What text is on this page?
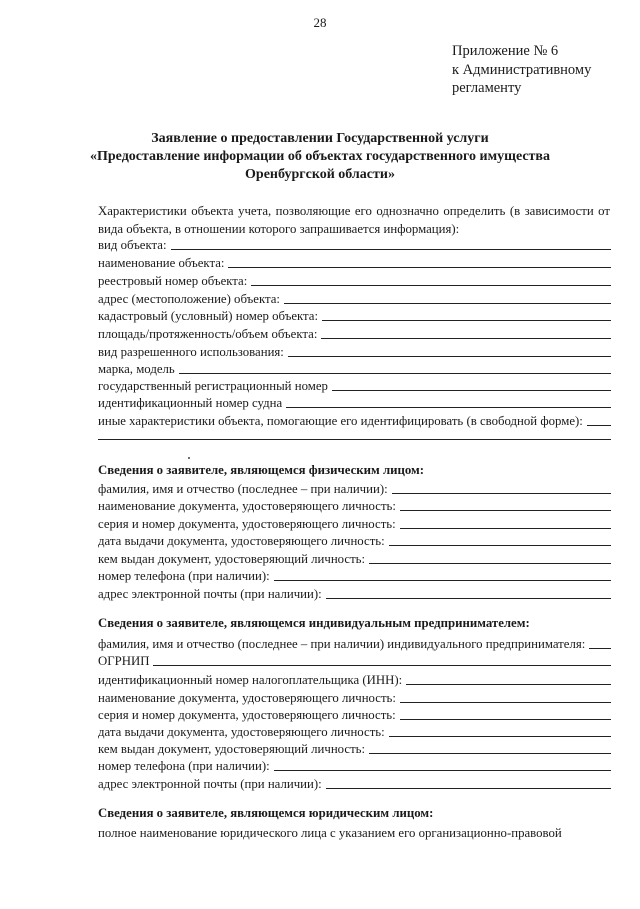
28
Приложение № 6
к Административному
регламенту
Заявление о предоставлении Государственной услуги
«Предоставление информации об объектах государственного имущества
Оренбургской области»
Характеристики объекта учета, позволяющие его однозначно определить (в зависимости от вида объекта, в отношении которого запрашивается информация):
вид объекта:
наименование объекта:
реестровый номер объекта:
адрес (местоположение) объекта:
кадастровый (условный) номер объекта:
площадь/протяженность/объем объекта:
вид разрешенного использования:
марка, модель
государственный регистрационный номер
идентификационный номер судна
иные характеристики объекта, помогающие его идентифицировать (в свободной форме):
Сведения о заявителе, являющемся физическим лицом:
фамилия, имя и отчество (последнее – при наличии):
наименование документа, удостоверяющего личность:
серия и номер документа, удостоверяющего личность:
дата выдачи документа, удостоверяющего личность:
кем выдан документ, удостоверяющий личность:
номер телефона (при наличии):
адрес электронной почты (при наличии):
Сведения о заявителе, являющемся индивидуальным предпринимателем:
фамилия, имя и отчество (последнее – при наличии) индивидуального предпринимателя:
ОГРНИП
идентификационный номер налогоплательщика (ИНН):
наименование документа, удостоверяющего личность:
серия и номер документа, удостоверяющего личность:
дата выдачи документа, удостоверяющего личность:
кем выдан документ, удостоверяющий личность:
номер телефона (при наличии):
адрес электронной почты (при наличии):
Сведения о заявителе, являющемся юридическим лицом:
полное наименование юридического лица с указанием его организационно-правовой
